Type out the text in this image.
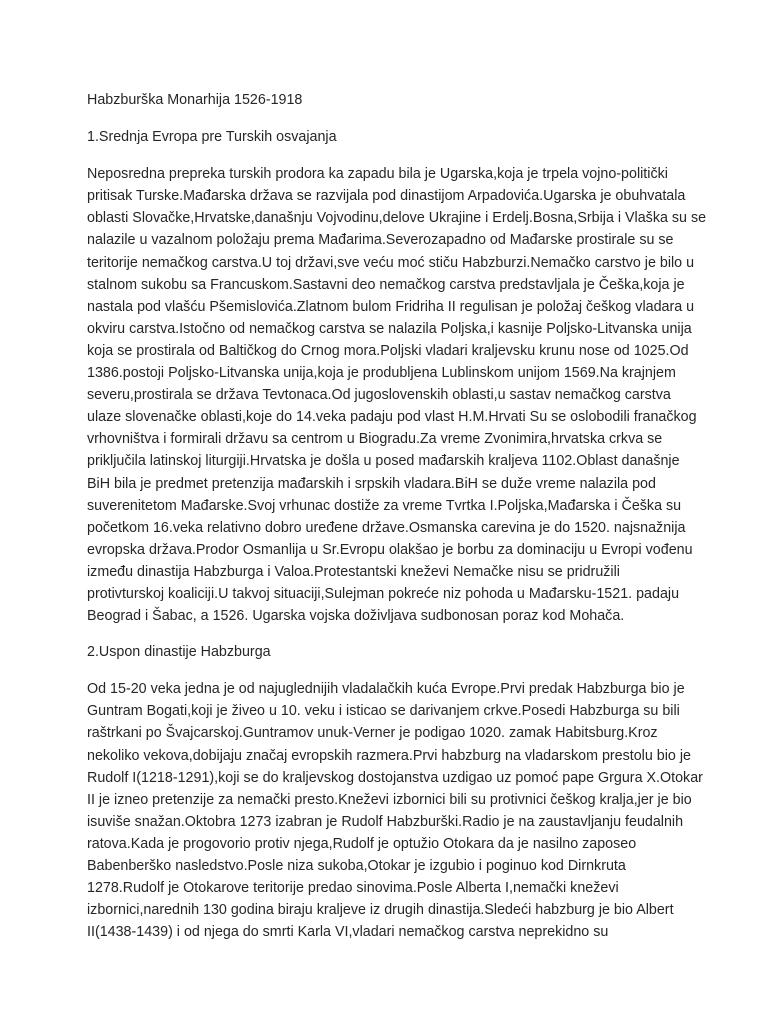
Habzburška Monarhija 1526-1918
1.Srednja Evropa pre Turskih osvajanja
Neposredna prepreka turskih prodora ka zapadu bila je Ugarska,koja je trpela vojno-politički
pritisak Turske.Mađarska država se razvijala pod dinastijom Arpadovića.Ugarska je obuhvatala
oblasti Slovačke,Hrvatske,današnju Vojvodinu,delove Ukrajine i Erdelj.Bosna,Srbija i Vlaška su se
nalazile u vazalnom položaju prema Mađarima.Severozapadno od Mađarske prostirale su se
teritorije nemačkog carstva.U toj državi,sve veću moć stiču Habzburzi.Nemačko carstvo je bilo u
stalnom sukobu sa Francuskom.Sastavni deo nemačkog carstva predstavljala je Češka,koja je
nastala pod vlašću Pšemislovića.Zlatnom bulom Fridriha II regulisan je položaj češkog vladara u
okviru carstva.Istočno od nemačkog carstva se nalazila Poljska,i kasnije Poljsko-Litvanska unija
koja se prostirala od Baltičkog do Crnog mora.Poljski vladari kraljevsku krunu nose od 1025.Od
1386.postoji Poljsko-Litvanska unija,koja je produbljena Lublinskom unijom 1569.Na krajnjem
severu,prostirala se država Tevtonaca.Od jugoslovenskih oblasti,u sastav nemačkog carstva
ulaze slovenačke oblasti,koje do 14.veka padaju pod vlast H.M.Hrvati Su se oslobodili franačkog
vrhovništva i formirali državu sa centrom u Biogradu.Za vreme Zvonimira,hrvatska crkva se
priključila latinskoj liturgiji.Hrvatska je došla u posed mađarskih kraljeva 1102.Oblast današnje
BiH bila je predmet pretenzija mađarskih i srpskih vladara.BiH se duže vreme nalazila pod
suverenitetom Mađarske.Svoj vrhunac dostiže za vreme Tvrtka I.Poljska,Mađarska i Češka su
početkom 16.veka relativno dobro uređene države.Osmanska carevina je do 1520. najsnažnija
evropska država.Prodor Osmanlija u Sr.Evropu olakšao je borbu za dominaciju u Evropi vođenu
između dinastija Habzburga i Valoa.Protestantski kneževi Nemačke nisu se pridružili
protivturskoj koaliciji.U takvoj situaciji,Sulejman pokreće niz pohoda u Mađarsku-1521. padaju
Beograd i Šabac, a 1526. Ugarska vojska doživljava sudbonosan poraz kod Mohača.
2.Uspon dinastije Habzburga
Od 15-20 veka jedna je od najuglednijih vladalačkih kuća Evrope.Prvi predak Habzburga bio je
Guntram Bogati,koji je živeo u 10. veku i isticao se darivanjem crkve.Posedi Habzburga su bili
raštrkani po Švajcarskoj.Guntramov unuk-Verner je podigao 1020. zamak Habitsburg.Kroz
nekoliko vekova,dobijaju značaj evropskih razmera.Prvi habzburg na vladarskom prestolu bio je
Rudolf I(1218-1291),koji se do kraljevskog dostojanstva uzdigao uz pomoć pape Grgura X.Otokar
II je izneo pretenzije za nemački presto.Kneževi izbornici bili su protivnici češkog kralja,jer je bio
isuviše snažan.Oktobra 1273 izabran je Rudolf Habzburški.Radio je na zaustavljanju feudalnih
ratova.Kada je progovorio protiv njega,Rudolf je optužio Otokara da je nasilno zaposeo
Babenberško nasledstvo.Posle niza sukoba,Otokar je izgubio i poginuo kod Dirnkruta
1278.Rudolf je Otokarove teritorije predao sinovima.Posle Alberta I,nemački kneževi
izbornici,narednih 130 godina biraju kraljeve iz drugih dinastija.Sledeći habzburg je bio Albert
II(1438-1439) i od njega do smrti Karla VI,vladari nemačkog carstva neprekidno su
